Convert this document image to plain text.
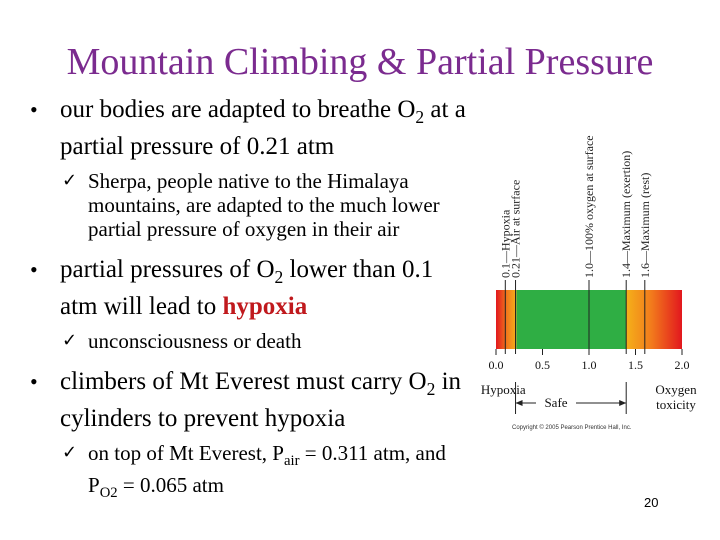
Mountain Climbing & Partial Pressure
• our bodies are adapted to breathe $O_2$ at a partial pressure of 0.21 atm
✓ Sherpa, people native to the Himalaya mountains, are adapted to the much lower partial pressure of oxygen in their air
• partial pressures of $O_2$ lower than 0.1 atm will lead to hypoxia
✓ unconsciousness or death
• climbers of Mt Everest must carry $O_2$ in cylinders to prevent hypoxia
✓ on top of Mt Everest, $P_{air} = 0.311$ atm, and $P_{O2} = 0.065$ atm
0.1—Hypoxia
0.21—Air at surface	1.0—100% oxygen at surface 1.4—Maximum (exertion) 1.6—Maximum (rest)
0.0	0.5	1.0	1.5	2.0
Hypoxia	Oxygen
toxicity
Safe
Copyright © 2005 Pearson Prentice Hall, Inc.
20
